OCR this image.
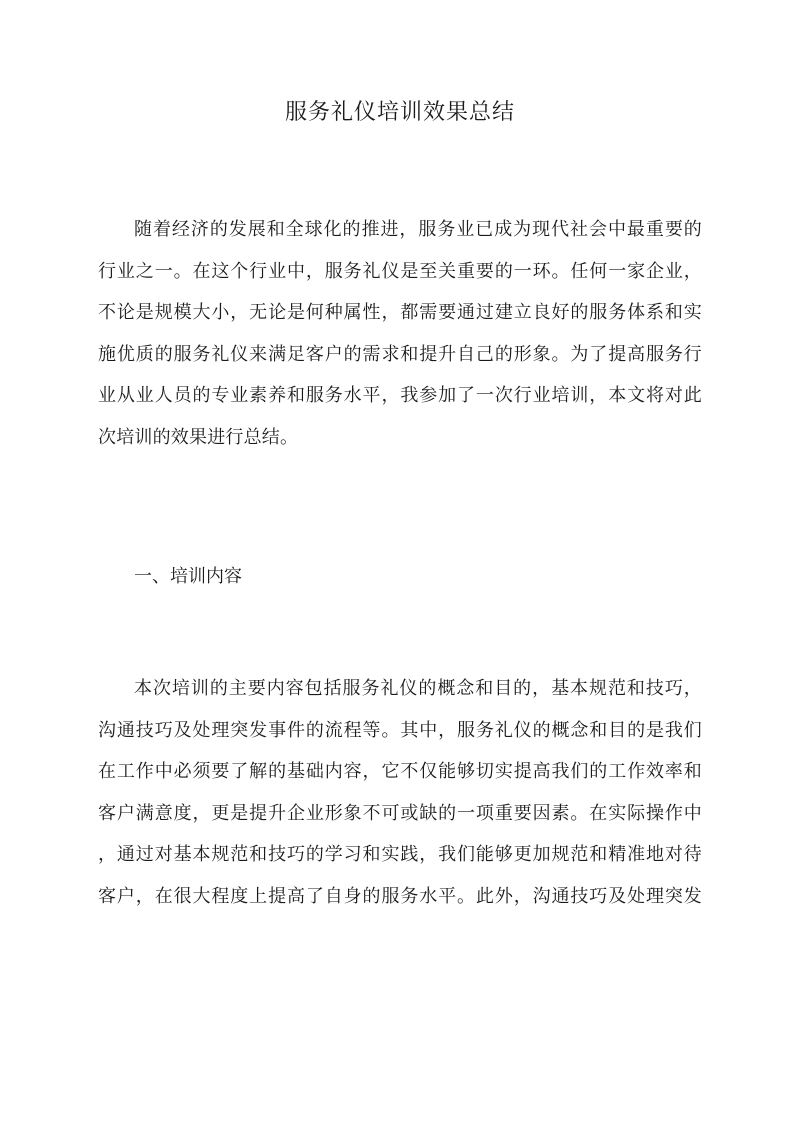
服务礼仪培训效果总结
随着经济的发展和全球化的推进，服务业已成为现代社会中最重要的
行业之一。在这个行业中，服务礼仪是至关重要的一环。任何一家企业，
不论是规模大小，无论是何种属性，都需要通过建立良好的服务体系和实
施优质的服务礼仪来满足客户的需求和提升自己的形象。为了提高服务行
业从业人员的专业素养和服务水平，我参加了一次行业培训，本文将对此
次培训的效果进行总结。
一、培训内容
本次培训的主要内容包括服务礼仪的概念和目的，基本规范和技巧，
沟通技巧及处理突发事件的流程等。其中，服务礼仪的概念和目的是我们
在工作中必须要了解的基础内容，它不仅能够切实提高我们的工作效率和
客户满意度，更是提升企业形象不可或缺的一项重要因素。在实际操作中
，通过对基本规范和技巧的学习和实践，我们能够更加规范和精准地对待
客户，在很大程度上提高了自身的服务水平。此外，沟通技巧及处理突发
